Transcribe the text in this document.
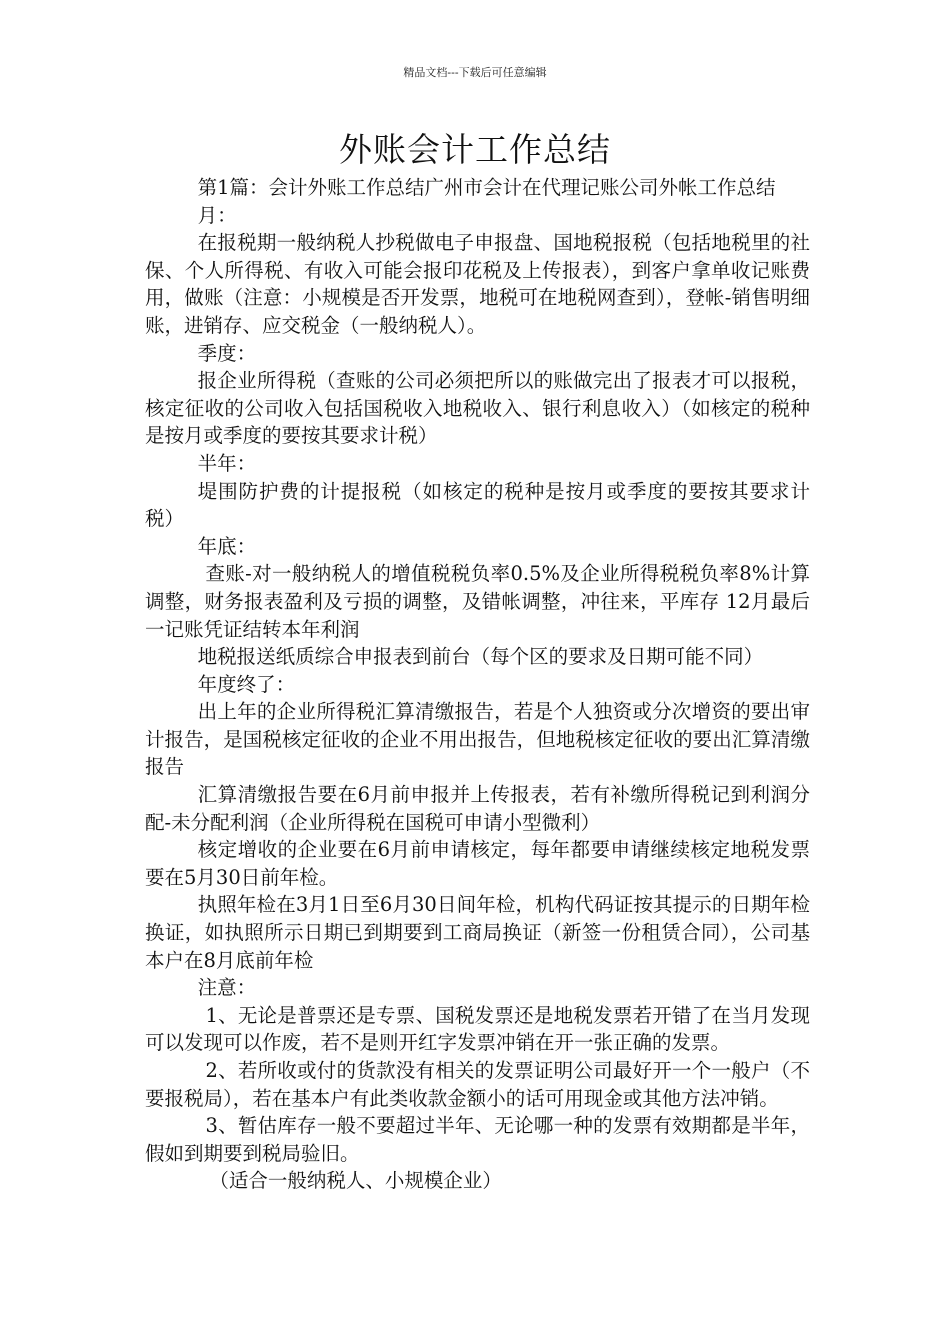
精品文档---下载后可任意编辑
外账会计工作总结

第1篇：会计外账工作总结广州市会计在代理记账公司外帐工作总结

月：

在报税期一般纳税人抄税做电子申报盘、国地税报税（包括地税里的社保、个人所得税、有收入可能会报印花税及上传报表），到客户拿单收记账费用，做账（注意：小规模是否开发票，地税可在地税网查到），登帐-销售明细账，进销存、应交税金（一般纳税人）。

季度：

报企业所得税（查账的公司必须把所以的账做完出了报表才可以报税，核定征收的公司收入包括国税收入地税收入、银行利息收入）（如核定的税种是按月或季度的要按其要求计税）

半年：

堤围防护费的计提报税（如核定的税种是按月或季度的要按其要求计税）

年底：

查账-对一般纳税人的增值税税负率0.5%及企业所得税税负率8%计算调整，财务报表盈利及亏损的调整，及错帐调整，冲往来，平库存 12月最后一记账凭证结转本年利润

地税报送纸质综合申报表到前台（每个区的要求及日期可能不同）

年度终了：

出上年的企业所得税汇算清缴报告，若是个人独资或分次增资的要出审计报告，是国税核定征收的企业不用出报告，但地税核定征收的要出汇算清缴报告

汇算清缴报告要在6月前申报并上传报表，若有补缴所得税记到利润分配-未分配利润（企业所得税在国税可申请小型微利）

核定增收的企业要在6月前申请核定，每年都要申请继续核定地税发票要在5月30日前年检。

执照年检在3月1日至6月30日间年检，机构代码证按其提示的日期年检换证，如执照所示日期已到期要到工商局换证（新签一份租赁合同），公司基本户在8月底前年检

注意：

1、无论是普票还是专票、国税发票还是地税发票若开错了在当月发现可以发现可以作废，若不是则开红字发票冲销在开一张正确的发票。

2、若所收或付的货款没有相关的发票证明公司最好开一个一般户（不要报税局），若在基本户有此类收款金额小的话可用现金或其他方法冲销。

3、暂估库存一般不要超过半年、无论哪一种的发票有效期都是半年，假如到期要到税局验旧。

（适合一般纳税人、小规模企业）
